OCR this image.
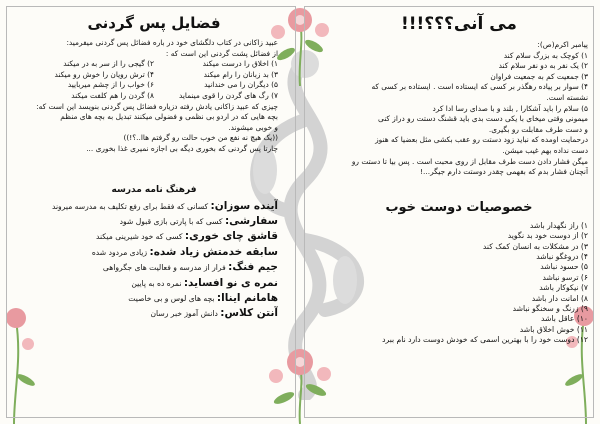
فضایل پس گردنی
عبید زاکانی در کتاب دلگشای خود در باره فضائل پس گردنی میفرمید:
از فضائل پشت گردنی این است که :
۱) اخلاق را درست میکند
۲) گیجی را از سر به در میکند
۳) بد زبانان را رام میکند
۴) ترش رویان را خوش رو میکند
۵) دیگران را می خندانید
۶) خواب را از چشم میربایید
۷) رگ های گردن را قوی مینماید
۸) گردن را هم کلفت میکند
چیزی که عبید زاکانی یادش رفته دزیاره فضائل پس گردنی بنویسد این است که:
بچه هایی که در اردو بی نظمی و فضولی میکنند تبدیل به بچه های منظم
و خوبی میشوند.
((یک هیچ نه نفع من خوب حالت رو گرفتم هاا..؟!))
چارتا پس گردنی که بخوری دیگه بی اجازه نمیری غذا بخوری ...
فرهنگ نامه مدرسه
آینده سوزان: کسانی که فقط برای رفع تکلیف به مدرسه میروند
سفارشی: کسی که با پارتی بازی قبول شود
قاشق چای خوری: کسی که خود شیرینی میکند
سابقه خدمتش زیاد شده: زیادی مردود شده
جیم فنگ: فرار از مدرسه و فعالیت های جگرواهی
نمره ی نو افساید: نمره ده به پایین
هامانم ایناا: بچه های لوس و بی خاصیت
آنتن کلاس: دانش آموز خبر رسان
می آنی؟؟؟!!!
پیامبر اکرم(ص):
۱) کوچک به بزرگ سلام کند
۲) یک نفر به دو نفر سلام کند
۳) جمعیت کم به جمعیت فراوان
۴) سوار بر پیاده رهگذر بر کسی که ایستاده است . ایستاده بر کسی که
نشسته است.
۵) سلام را باید آشکارا , بلند و با صدای رسا ادا کرد
میمونی وقتی میخای با یکی دست بدی باید قشنگ دستت رو دراز کنی
و دست طرف مقابلت رو بگیری.
درحمایت اومده که نباید زود دستت رو عقب بکشی مثل بعضیا که هنوز
دست نداده بهم غیب میشن.
میگن فشار دادن دست طرف مقابل از روی محبت است . پس بیا تا دستت رو
آنچنان فشار بدم که بفهمی چقدر دوستت دارم جیگر...!
خصوصیات دوست خوب
۱) راز نگهدار باشد
۲) از دوست خود بد نگوید
۳) در مشکلات به انسان کمک کند
۴) دروغگو نباشد
۵) حسود نباشد
۶) ترسو نباشد
۷) نیکوکار باشد
۸) امانت دار باشد
۹) زرنگ و سخنگو نباشد
۱۰) عاقل باشد
۱۱) خوش اخلاق باشد
۱۲) دوست خود را با بهترین اسمی که خودش دوست دارد نام ببرد
